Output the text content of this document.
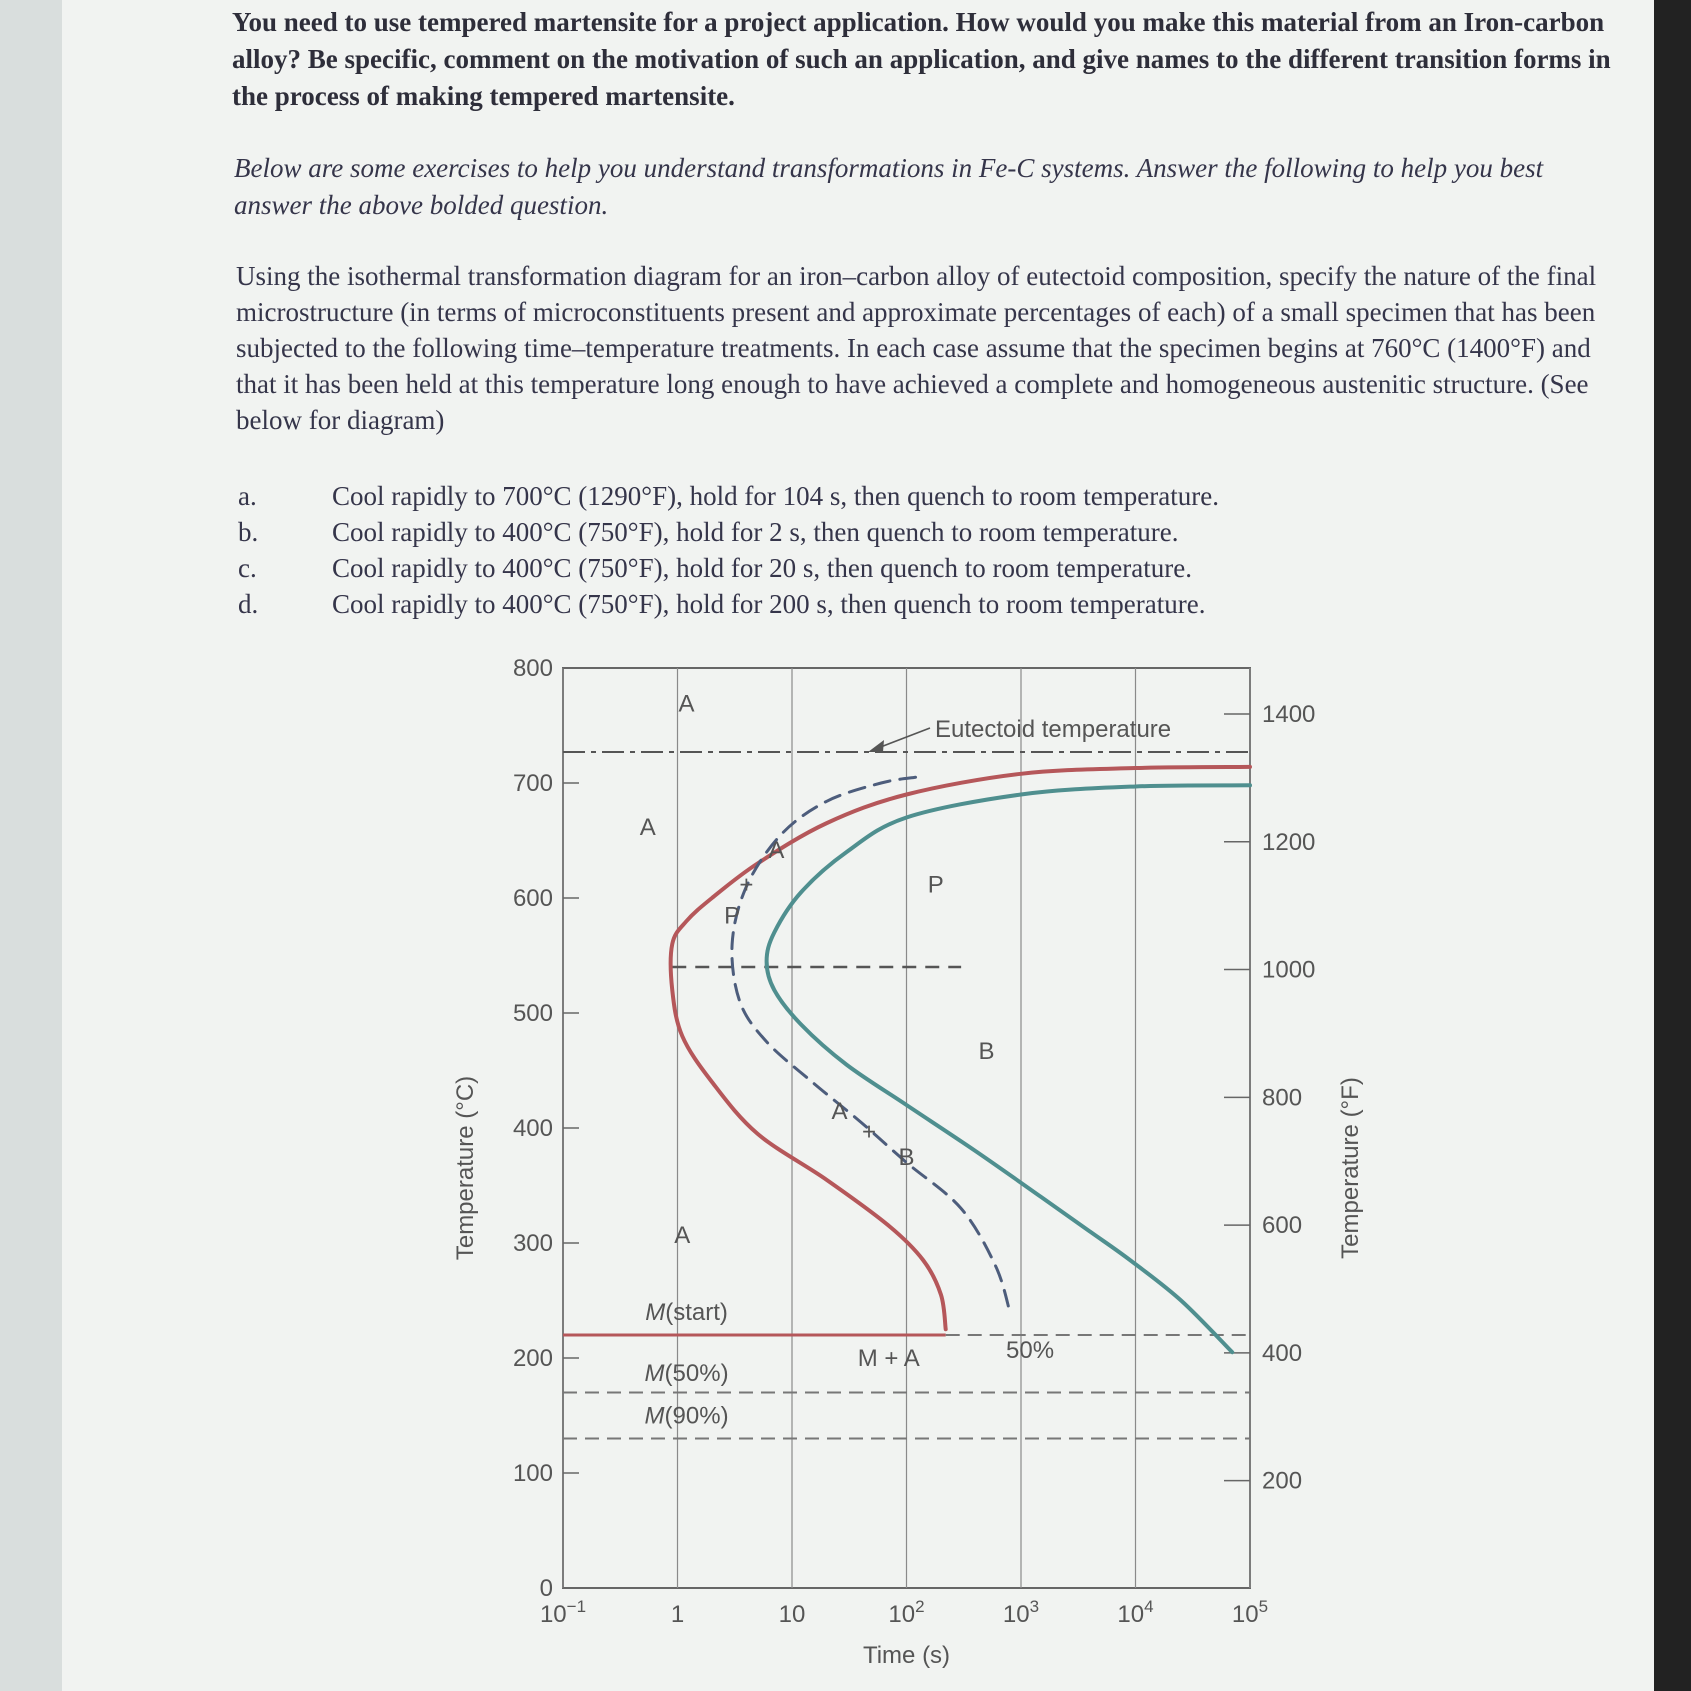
You need to use tempered martensite for a project application. How would you make this material from an Iron-carbon alloy? Be specific, comment on the motivation of such an application, and give names to the different transition forms in the process of making tempered martensite.
Below are some exercises to help you understand transformations in Fe-C systems. Answer the following to help you best answer the above bolded question.
Using the isothermal transformation diagram for an iron–carbon alloy of eutectoid composition, specify the nature of the final microstructure (in terms of microconstituents present and approximate percentages of each) of a small specimen that has been subjected to the following time–temperature treatments. In each case assume that the specimen begins at 760°C (1400°F) and that it has been held at this temperature long enough to have achieved a complete and homogeneous austenitic structure. (See below for diagram)
a.	Cool rapidly to 700°C (1290°F), hold for 104 s, then quench to room temperature.
b.	Cool rapidly to 400°C (750°F), hold for 2 s, then quench to room temperature.
c.	Cool rapidly to 400°C (750°F), hold for 20 s, then quench to room temperature.
d.	Cool rapidly to 400°C (750°F), hold for 200 s, then quench to room temperature.
0
100
200
300
400
500
600
700
800
200
400
600
800
1000
1200
1400
$10^{-1}$	1	10	$10^2$	$10^3$	$10^4$	$10^5$
Time (s)
Temperature (°C)	Temperature (°F)
Eutectoid temperature
A
A
A
P
+
A
P
B
A
+
B
50%
M + A
M(start)
M(50%)
M(90%)
